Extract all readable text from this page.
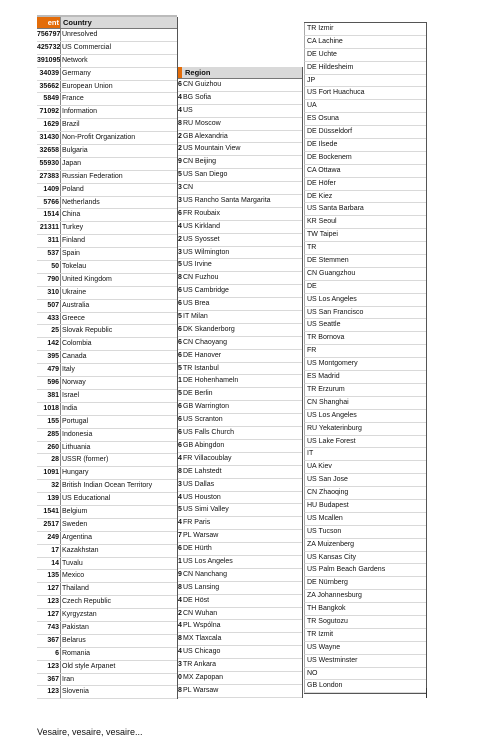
ent Country
756797 Unresolved
425732 US Commercial
391095 Network
34039 Germany
35662 European Union
5849 France
71092 Information
1629 Brazil
31430 Non-Profit Organization
32658 Bulgaria
55930 Japan
27383 Russian Federation
1409 Poland
5766 Netherlands
1514 China
21311 Turkey
311 Finland
537 Spain
50 Tokelau
790 United Kingdom
310 Ukraine
507 Australia
433 Greece
25 Slovak Republic
142 Colombia
395 Canada
479 Italy
596 Norway
381 Israel
1018 India
155 Portugal
285 Indonesia
260 Lithuania
28 USSR (former)
1091 Hungary
32 British Indian Ocean Territory
139 US Educational
1541 Belgium
2517 Sweden
249 Argentina
17 Kazakhstan
14 Tuvalu
135 Mexico
127 Thailand
123 Czech Republic
127 Kyrgyzstan
743 Pakistan
367 Belarus
6 Romania
123 Old style Arpanet
367 Iran
123 Slovenia
Region
6 CN Guizhou
4 BG Sofia
4 US
8 RU Moscow
2 GB Alexandria
2 US Mountain View
9 CN Beijing
5 US San Diego
3 CN
3 US Rancho Santa Margarita
6 FR Roubaix
4 US Kirkland
2 US Syosset
3 US Wilmington
5 US Irvine
8 CN Fuzhou
6 US Cambridge
6 US Brea
5 IT Milan
6 DK Skanderborg
6 CN Chaoyang
6 DE Hanover
5 TR Istanbul
1 DE Hohenhameln
5 DE Berlin
6 GB Warrington
6 US Scranton
6 US Falls Church
6 GB Abingdon
4 FR Villacoublay
8 DE Lahstedt
3 US Dallas
4 US Houston
5 US Simi Valley
4 FR Paris
7 PL Warsaw
6 DE Hürth
1 US Los Angeles
9 CN Nanchang
8 US Lansing
4 DE Höst
2 CN Wuhan
4 PL Wspólna
8 MX Tlaxcala
4 US Chicago
3 TR Ankara
0 MX Zapopan
8 PL Warsaw
TR Izmir
CA Lachine
DE Uchte
DE Hildesheim
JP
US Fort Huachuca
UA
ES Osuna
DE Düsseldorf
DE Ilsede
DE Bockenem
CA Ottawa
DE Höfer
DE Kiez
US Santa Barbara
KR Seoul
TW Taipei
TR
DE Stemmen
CN Guangzhou
DE
US Los Angeles
US San Francisco
US Seattle
TR Bornova
FR
US Montgomery
ES Madrid
TR Erzurum
CN Shanghai
US Los Angeles
RU Yekaterinburg
US Lake Forest
IT
UA Kiev
US San Jose
CN Zhaoqing
HU Budapest
US Mcallen
US Tucson
ZA Muizenberg
US Kansas City
US Palm Beach Gardens
DE Nürnberg
ZA Johannesburg
TH Bangkok
TR Sogutozu
TR Izmit
US Wayne
US Westminster
NO
GB London
Vesaire, vesaire, vesaire...
